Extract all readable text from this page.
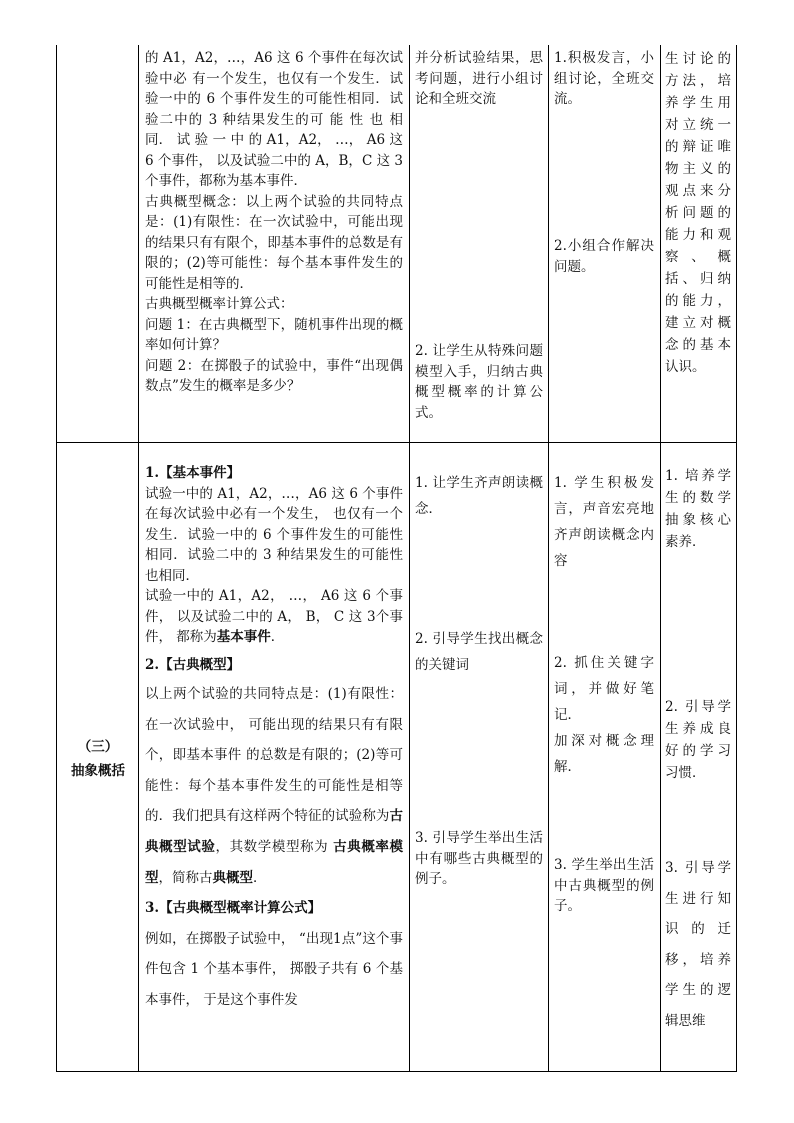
的 A1，A2，…，A6 这 6 个事件在每次试验中必 有一个发生，也仅有一个发生．试验一中的 6 个事件发生的可能性相同．试 验二中的 3 种结果发生的可 能 性 也 相 同． 试 验 一 中 的 A1，A2， …， A6 这 6 个事件， 以及试验二中的 A，B，C 这 3 个事件，都称为基本事件．
古典概型概念：以上两个试验的共同特点是：(1)有限性：在一次试验中，可能出现的结果只有有限个，即基本事件的总数是有限的；(2)等可能性：每个基本事件发生的可能性是相等的．
古典概型概率计算公式：
问题 1：在古典概型下，随机事件出现的概率如何计算？
问题 2：在掷骰子的试验中，事件“出现偶数点”发生的概率是多少？
并分析试验结果，思考问题，进行小组讨论和全班交流
2. 让学生从特殊问题模型入手，归纳古典概型概率的计算公式。
1.积极发言，小组讨论，全班交流。
2.小组合作解决问题。
生讨论的方法，培养学生用对立统一的辩证唯物主义的观点来分析问题的能力和观察、概括、归纳的能力，建立对概念的基本认识。
（三）
抽象概括
1.【基本事件】
试验一中的 A1，A2，…，A6 这 6 个事件在每次试验中必有一个发生， 也仅有一个发生．试验一中的 6 个事件发生的可能性相同．试验二中的 3 种结果发生的可能性也相同．
试验一中的 A1，A2， …， A6 这 6 个事件， 以及试验二中的 A， B， C 这 3个事件， 都称为基本事件．
2.【古典概型】
以上两个试验的共同特点是：(1)有限性：在一次试验中， 可能出现的结果只有有限个，即基本事件 的总数是有限的；(2)等可能性：每个基本事件发生的可能性是相等的．我们把具有这样两个特征的试验称为古典概型试验，其数学模型称为 古典概率模型，简称古典概型．
3.【古典概型概率计算公式】
例如，在掷骰子试验中， “出现1点”这个事件包含 1 个基本事件， 掷骰子共有 6 个基本事件， 于是这个事件发
1. 让学生齐声朗读概念．
2. 引导学生找出概念的关键词
3. 引导学生举出生活中有哪些古典概型的例子。
1. 学生积极发言，声音宏亮地齐声朗读概念内容
2. 抓住关键字词，并做好笔记．
加深对概念理解．
3. 学生举出生活中古典概型的例子。
1. 培养学生的数学抽象核心素养．
2. 引导学生养成良好的学习习惯．
3. 引导学生进行知识的迁移，培养学生的逻辑思维
